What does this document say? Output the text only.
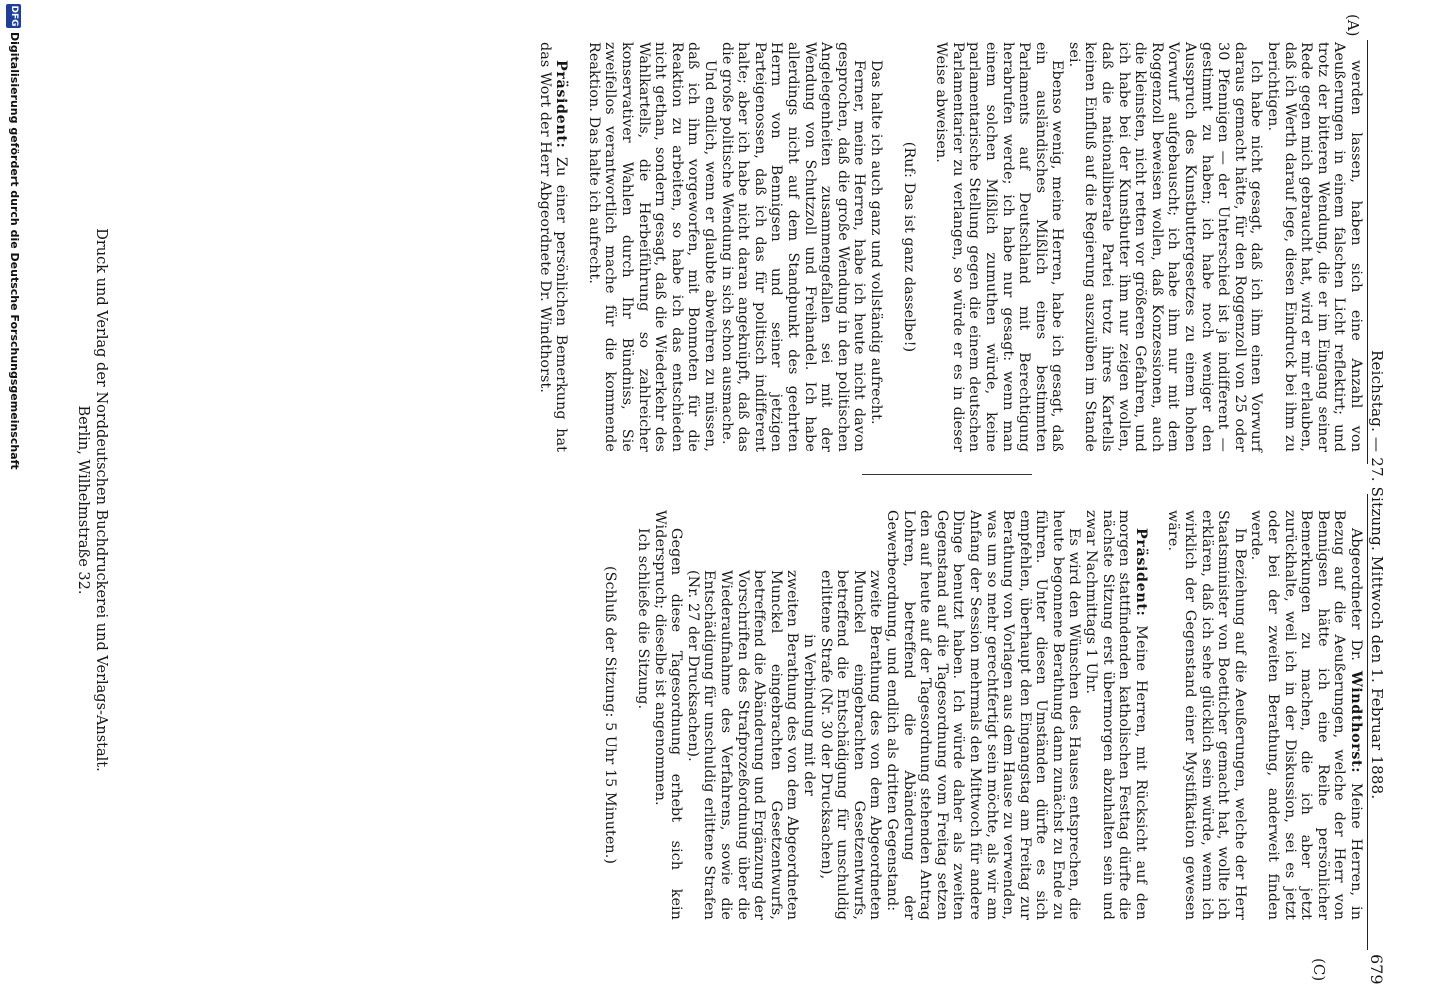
Reichstag. — 27. Sitzung. Mittwoch den 1. Februar 1888.
679
(A)
(C)

werden lassen, haben sich eine Anzahl von Aeußerungen in einem falschen Licht reflektirt; und trotz der bitteren Wendung, die er im Eingang seiner Rede gegen mich gebraucht hat, wird er mir erlauben, daß ich Werth darauf lege, diesen Eindruck bei ihm zu berichtigen.

Ich habe nicht gesagt, daß ich ihm einen Vorwurf daraus gemacht hätte, für den Roggenzoll von 25 oder 30 Pfennigen — der Unterschied ist ja indifferent — gestimmt zu haben; ich habe noch weniger den Ausspruch des Kunstbuttergesetzes zu einem hohen Vorwurf aufgebauscht; ich habe ihm nur mit dem Roggenzoll beweisen wollen, daß Konzessionen, auch die kleinsten, nicht retten vor größeren Gefahren, und ich habe bei der Kunstbutter ihm nur zeigen wollen, daß die nationalliberale Partei trotz ihres Kartells keinen Einfluß auf die Regierung auszuüben im Stande sei.

Ebenso wenig, meine Herren, habe ich gesagt, daß ein ausländisches Mißlich eines bestimmten Parlaments auf Deutschland mit Berechtigung herabrufen werde; ich habe nur gesagt: wenn man einem solchen Mißlich zumuthen würde, keine parlamentarische Stellung gegen die einem deutschen Parlamentarier zu verlangen, so würde er es in dieser Weise abweisen.

(Ruf: Das ist ganz dasselbe!)

Das halte ich auch ganz und vollständig aufrecht.

Ferner, meine Herren, habe ich heute nicht davon gesprochen, daß die große Wendung in den politischen Angelegenheiten zusammengefallen sei mit der Wendung von Schutzzoll und Freihandel. Ich habe allerdings nicht auf dem Standpunkt des geehrten Herrn von Bennigsen und seiner jetzigen Parteigenossen, daß ich das für politisch indifferent halte; aber ich habe nicht daran angeknüpft, daß das die große politische Wendung in sich schon ausmache.

Und endlich, wenn er glaubte abwehren zu müssen, daß ich ihm vorgeworfen, mit Bonmoten für die Reaktion zu arbeiten, so habe ich das entschieden nicht gethan, sondern gesagt, daß die Wiederkehr des Wahlkartells, die Herbeiführung so zahlreicher konservativer Wahlen durch Ihr Bündniss, Sie zweifellos verantwortlich mache für die kommende Reaktion. Das halte ich aufrecht.

Präsident: Zu einer persönlichen Bemerkung hat das Wort der Herr Abgeordnete Dr. Windthorst.

Abgeordneter Dr. Windthorst: Meine Herren, in Bezug auf die Aeußerungen, welche der Herr von Bennigsen hätte ich eine Reihe persönlicher Bemerkungen zu machen, die ich aber jetzt zurückhalte, weil ich in der Diskussion, sei es jetzt oder bei der zweiten Berathung, anderweit finden werde.

In Beziehung auf die Aeußerungen, welche der Herr Staatsminister von Boetticher gemacht hat, wollte ich erklären, daß ich sehe glücklich sein würde, wenn ich wirklich der Gegenstand einer Mystifikation gewesen wäre.

Präsident: Meine Herren, mit Rücksicht auf den morgen stattfindenden katholischen Festtag dürfte die nächste Sitzung erst übermorgen abzuhalten sein und zwar Nachmittags 1 Uhr.

Es wird den Wünschen des Hauses entsprechen, die heute begonnene Berathung dann zunächst zu Ende zu führen. Unter diesen Umständen dürfte es sich empfehlen, überhaupt den Eingangstag am Freitag zur Berathung von Vorlagen aus dem Hause zu verwenden, was um so mehr gerechtfertigt sein möchte, als wir am Anfang der Session mehrmals den Mittwoch für andere Dinge benutzt haben. Ich würde daher als zweiten Gegenstand auf die Tagesordnung vom Freitag setzen den auf heute auf der Tagesordnung stehenden Antrag Lohren, betreffend die Abänderung der Gewerbeordnung, und endlich als dritten Gegenstand:

zweite Berathung des von dem Abgeordneten Munckel eingebrachten Gesetzentwurfs, betreffend die Entschädigung für unschuldig erlittene Strafe (Nr. 30 der Drucksachen),

in Verbindung mit der

zweiten Berathung des von dem Abgeordneten Munckel eingebrachten Gesetzentwurfs, betreffend die Abänderung und Ergänzung der Vorschriften des Strafprozeßordnung über die Wiederaufnahme des Verfahrens, sowie die Entschädigung für unschuldig erlittene Strafen (Nr. 27 der Drucksachen).

Gegen diese Tagesordnung erhebt sich kein Widerspruch; dieselbe ist angenommen.

Ich schließe die Sitzung.

(Schluß der Sitzung: 5 Uhr 15 Minuten.)

Druck und Verlag der Norddeutschen Buchdruckerei und Verlags-Anstalt.
Berlin, Wilhelmstraße 32.
DFG
Digitalisierung gefördert durch die Deutsche Forschungsgemeinschaft
